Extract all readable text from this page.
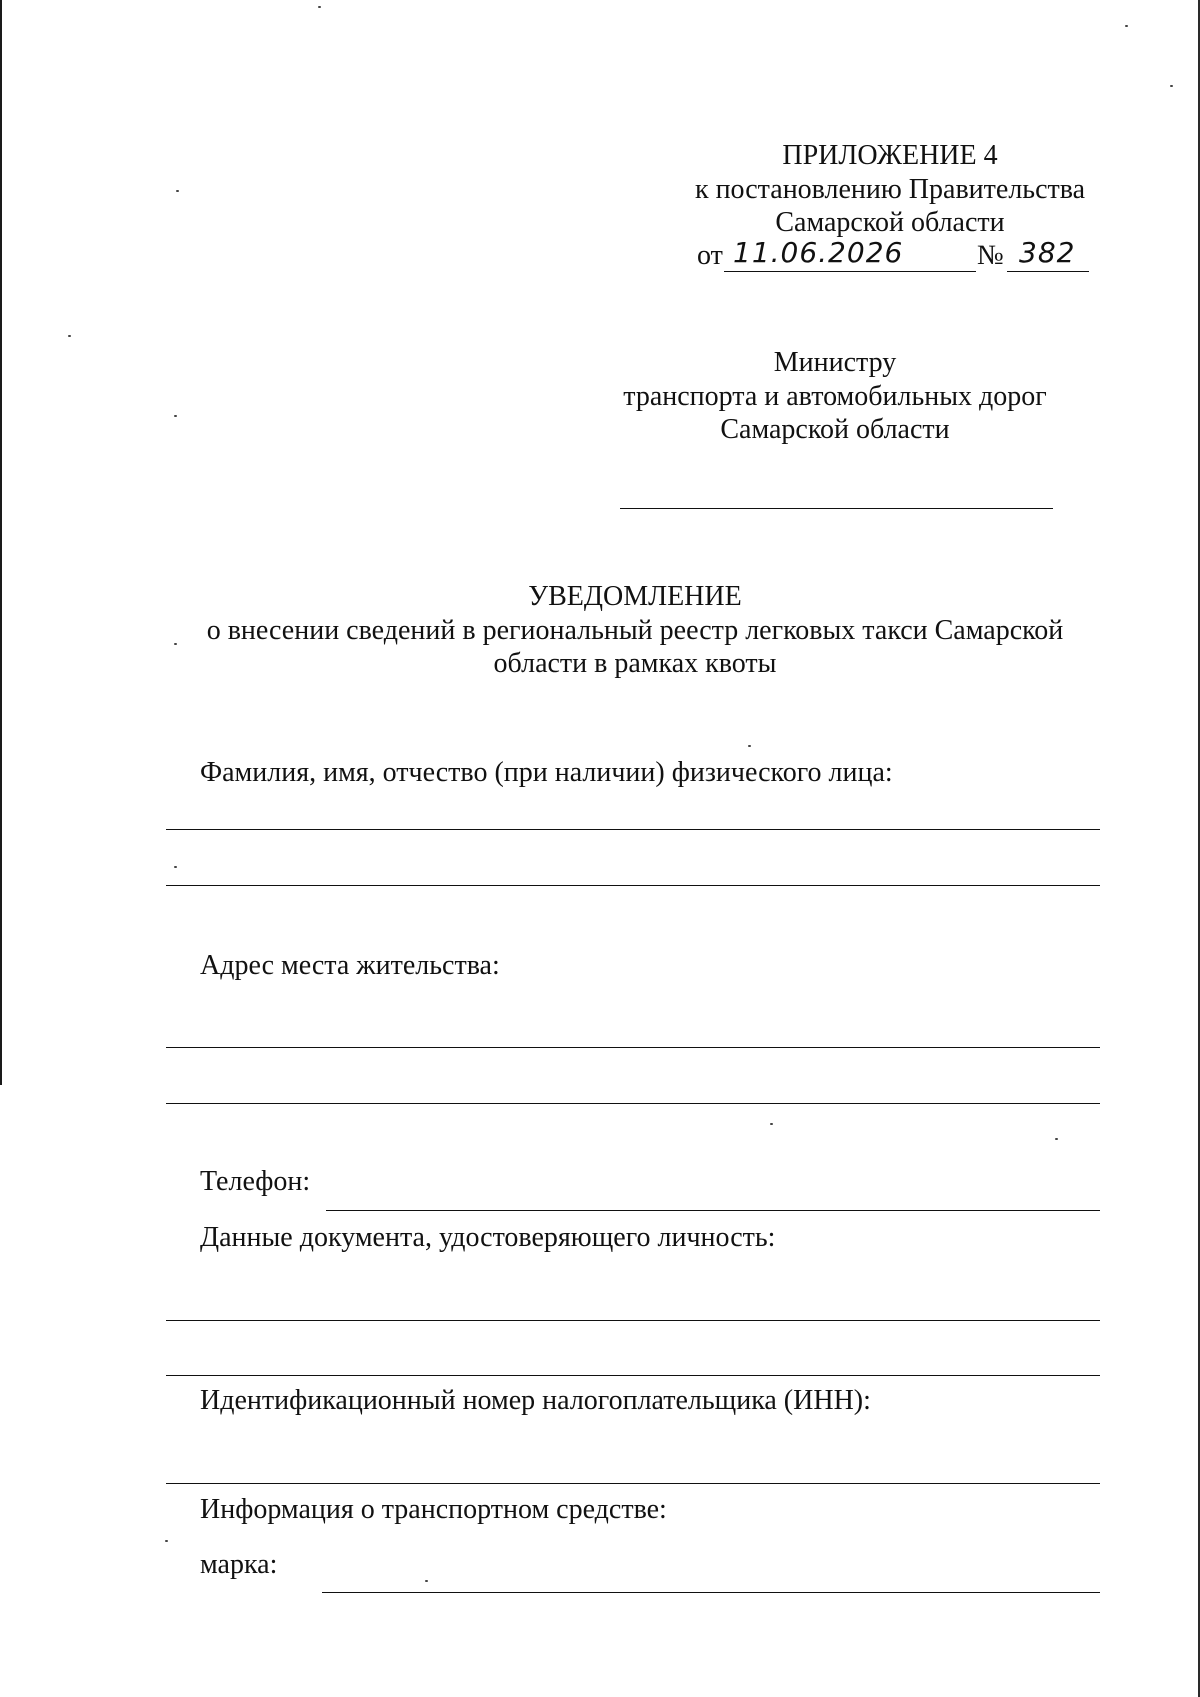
ПРИЛОЖЕНИЕ 4
к постановлению Правительства
Самарской области
от 11.06.2026	№ 382
Министру
транспорта и автомобильных дорог
Самарской области
УВЕДОМЛЕНИЕ
о внесении сведений в региональный реестр легковых такси Самарской
области в рамках квоты
Фамилия, имя, отчество (при наличии) физического лица:
Адрес места жительства:
Телефон:
Данные документа, удостоверяющего личность:
Идентификационный номер налогоплательщика (ИНН):
Информация о транспортном средстве:
марка:
